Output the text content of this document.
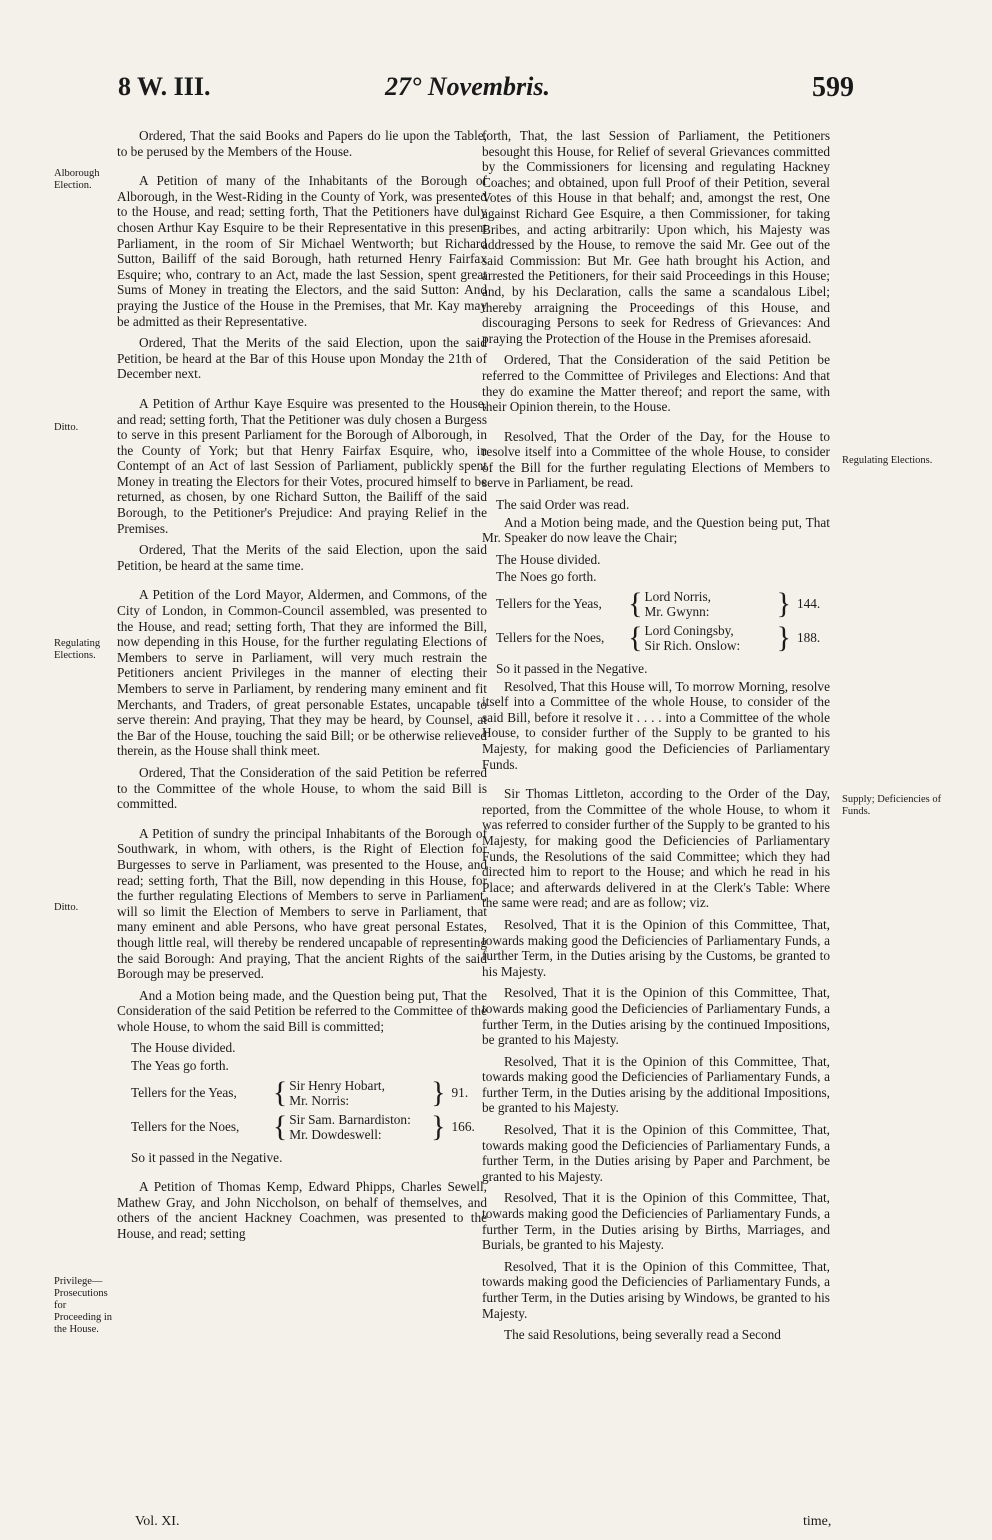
8 W. III.	27° Novembris.	599
Alborough Election.
Ditto.
Regulating Elections.
Ditto.
Privilege— Prosecutions for Proceeding in the House.
Regulating Elections.
Supply; Deficiencies of Funds.

Ordered, That the said Books and Papers do lie upon the Table, to be perused by the Members of the House.

A Petition of many of the Inhabitants of the Borough of Alborough, in the West-Riding in the County of York, was presented to the House, and read; setting forth, That the Petitioners have duly chosen Arthur Kay Esquire to be their Representative in this present Parliament, in the room of Sir Michael Wentworth; but Richard Sutton, Bailiff of the said Borough, hath returned Henry Fairfax Esquire; who, contrary to an Act, made the last Session, spent great Sums of Money in treating the Electors, and the said Sutton: And praying the Justice of the House in the Premises, that Mr. Kay may be admitted as their Representative.

Ordered, That the Merits of the said Election, upon the said Petition, be heard at the Bar of this House upon Monday the 21th of December next.

A Petition of Arthur Kaye Esquire was presented to the House, and read; setting forth, That the Petitioner was duly chosen a Burgess to serve in this present Parliament for the Borough of Alborough, in the County of York; but that Henry Fairfax Esquire, who, in Contempt of an Act of last Session of Parliament, publickly spent Money in treating the Electors for their Votes, procured himself to be returned, as chosen, by one Richard Sutton, the Bailiff of the said Borough, to the Petitioner's Prejudice: And praying Relief in the Premises.

Ordered, That the Merits of the said Election, upon the said Petition, be heard at the same time.

A Petition of the Lord Mayor, Aldermen, and Commons, of the City of London, in Common-Council assembled, was presented to the House, and read; setting forth, That they are informed the Bill, now depending in this House, for the further regulating Elections of Members to serve in Parliament, will very much restrain the Petitioners ancient Privileges in the manner of electing their Members to serve in Parliament, by rendering many eminent and fit Merchants, and Traders, of great personable Estates, uncapable to serve therein: And praying, That they may be heard, by Counsel, at the Bar of the House, touching the said Bill; or be otherwise relieved therein, as the House shall think meet.

Ordered, That the Consideration of the said Petition be referred to the Committee of the whole House, to whom the said Bill is committed.

A Petition of sundry the principal Inhabitants of the Borough of Southwark, in whom, with others, is the Right of Election for Burgesses to serve in Parliament, was presented to the House, and read; setting forth, That the Bill, now depending in this House, for the further regulating Elections of Members to serve in Parliament, will so limit the Election of Members to serve in Parliament, that many eminent and able Persons, who have great personal Estates, though little real, will thereby be rendered uncapable of representing the said Borough: And praying, That the ancient Rights of the said Borough may be preserved.

And a Motion being made, and the Question being put, That the Consideration of the said Petition be referred to the Committee of the whole House, to whom the said Bill is committed;

The House divided.
The Yeas go forth.
Tellers for the Yeas,	{ Sir Henry Hobart,
Mr. Norris:	} 91.
Tellers for the Noes,	{ Sir Sam. Barnardiston:
Mr. Dowdeswell:	} 166.
So it passed in the Negative.

A Petition of Thomas Kemp, Edward Phipps, Charles Sewell, Mathew Gray, and John Niccholson, on behalf of themselves, and others of the ancient Hackney Coachmen, was presented to the House, and read; setting

forth, That, the last Session of Parliament, the Petitioners besought this House, for Relief of several Grievances committed by the Commissioners for licensing and regulating Hackney Coaches; and obtained, upon full Proof of their Petition, several Votes of this House in that behalf; and, amongst the rest, One against Richard Gee Esquire, a then Commissioner, for taking Bribes, and acting arbitrarily: Upon which, his Majesty was addressed by the House, to remove the said Mr. Gee out of the said Commission: But Mr. Gee hath brought his Action, and arrested the Petitioners, for their said Proceedings in this House; and, by his Declaration, calls the same a scandalous Libel; thereby arraigning the Proceedings of this House, and discouraging Persons to seek for Redress of Grievances: And praying the Protection of the House in the Premises aforesaid.

Ordered, That the Consideration of the said Petition be referred to the Committee of Privileges and Elections: And that they do examine the Matter thereof; and report the same, with their Opinion therein, to the House.

Resolved, That the Order of the Day, for the House to resolve itself into a Committee of the whole House, to consider of the Bill for the further regulating Elections of Members to serve in Parliament, be read.

The said Order was read.

And a Motion being made, and the Question being put, That Mr. Speaker do now leave the Chair;

The House divided.
The Noes go forth.
Tellers for the Yeas, { Lord Norris,
Mr. Gwynn:	} 144.
Tellers for the Noes, { Lord Coningsby,
Sir Rich. Onslow:	} 188.
So it passed in the Negative.

Resolved, That this House will, To morrow Morning, resolve itself into a Committee of the whole House, to consider of the said Bill, before it resolve it . . . . into a Committee of the whole House, to consider further of the Supply to be granted to his Majesty, for making good the Deficiencies of Parliamentary Funds.

Sir Thomas Littleton, according to the Order of the Day, reported, from the Committee of the whole House, to whom it was referred to consider further of the Supply to be granted to his Majesty, for making good the Deficiencies of Parliamentary Funds, the Resolutions of the said Committee; which they had directed him to report to the House; and which he read in his Place; and afterwards delivered in at the Clerk's Table: Where the same were read; and are as follow; viz.

Resolved, That it is the Opinion of this Committee, That, towards making good the Deficiencies of Parliamentary Funds, a further Term, in the Duties arising by the Customs, be granted to his Majesty.

Resolved, That it is the Opinion of this Committee, That, towards making good the Deficiencies of Parliamentary Funds, a further Term, in the Duties arising by the continued Impositions, be granted to his Majesty.

Resolved, That it is the Opinion of this Committee, That, towards making good the Deficiencies of Parliamentary Funds, a further Term, in the Duties arising by the additional Impositions, be granted to his Majesty.

Resolved, That it is the Opinion of this Committee, That, towards making good the Deficiencies of Parliamentary Funds, a further Term, in the Duties arising by Paper and Parchment, be granted to his Majesty.

Resolved, That it is the Opinion of this Committee, That, towards making good the Deficiencies of Parliamentary Funds, a further Term, in the Duties arising by Births, Marriages, and Burials, be granted to his Majesty.

Resolved, That it is the Opinion of this Committee, That, towards making good the Deficiencies of Parliamentary Funds, a further Term, in the Duties arising by Windows, be granted to his Majesty.

The said Resolutions, being severally read a Second

Vol. XI.	time,
